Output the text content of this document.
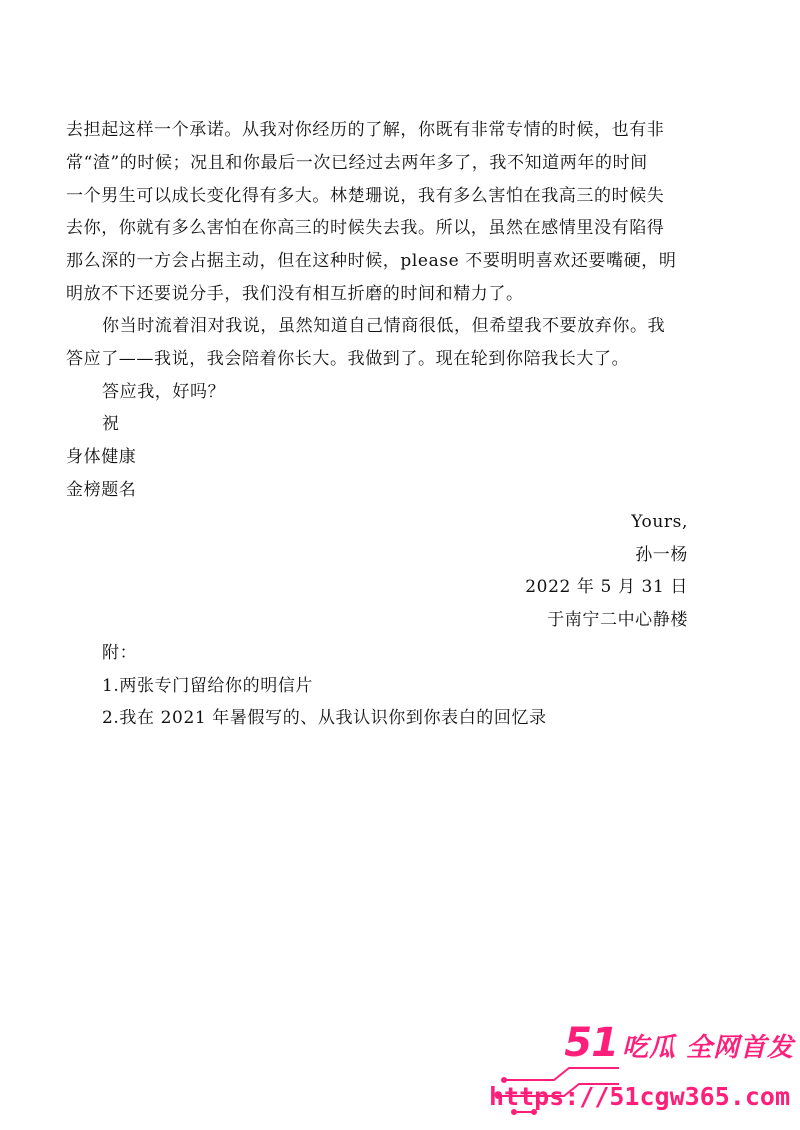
去担起这样一个承诺。从我对你经历的了解，你既有非常专情的时候，也有非
常“渣”的时候；况且和你最后一次已经过去两年多了，我不知道两年的时间
一个男生可以成长变化得有多大。林楚珊说，我有多么害怕在我高三的时候失
去你，你就有多么害怕在你高三的时候失去我。所以，虽然在感情里没有陷得
那么深的一方会占据主动，但在这种时候，please 不要明明喜欢还要嘴硬，明
明放不下还要说分手，我们没有相互折磨的时间和精力了。
你当时流着泪对我说，虽然知道自己情商很低，但希望我不要放弃你。我
答应了——我说，我会陪着你长大。我做到了。现在轮到你陪我长大了。
答应我，好吗？
祝
身体健康
金榜题名
Yours,
孙一杨
2022 年 5 月 31 日
于南宁二中心静楼
附：
1.两张专门留给你的明信片
2.我在 2021 年暑假写的、从我认识你到你表白的回忆录
51 吃瓜 全网首发
https://51cgw365.com
